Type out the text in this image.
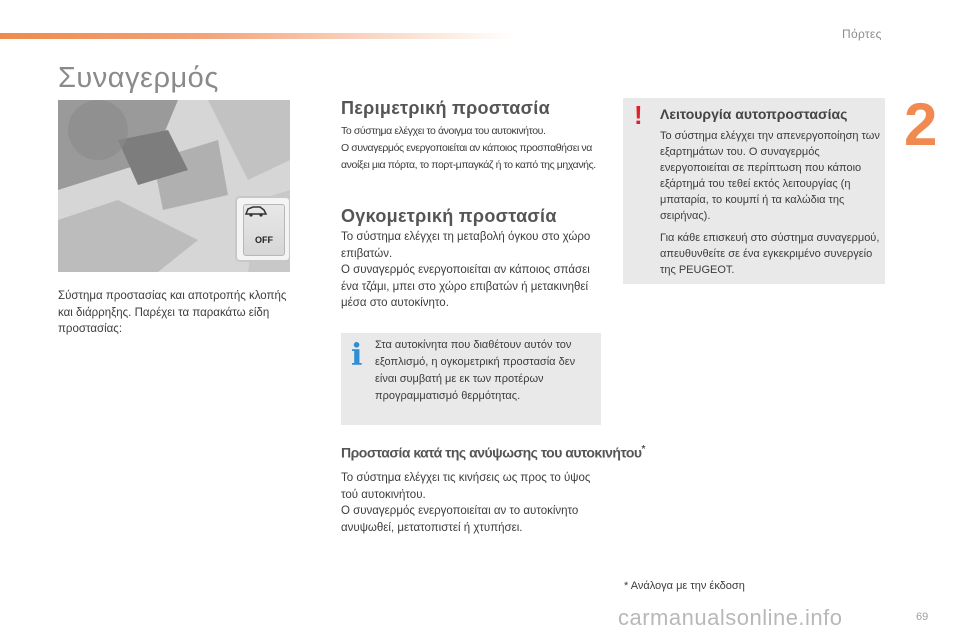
Πόρτες
2
Συναγερμός
OFF
Σύστημα προστασίας και αποτροπής κλοπής και διάρρηξης. Παρέχει τα παρακάτω είδη προστασίας:
Περιμετρική προστασία
Το σύστημα ελέγχει το άνοιγμα του αυτοκινήτου.
Ο συναγερμός ενεργοποιείται αν κάποιος προσπαθήσει να ανοίξει μια πόρτα, το πορτ-μπαγκάζ ή το καπό της μηχανής.
Ογκομετρική προστασία
Το σύστημα ελέγχει τη μεταβολή όγκου στο χώρο επιβατών.
Ο συναγερμός ενεργοποιείται αν κάποιος σπάσει ένα τζάμι, μπει στο χώρο επιβατών ή μετακινηθεί μέσα στο αυτοκίνητο.
i Στα αυτοκίνητα που διαθέτουν αυτόν τον εξοπλισμό, η ογκομετρική προστασία δεν είναι συμβατή με εκ των προτέρων προγραμματισμό θερμότητας.
Προστασία κατά της ανύψωσης του αυτοκινήτου*
Το σύστημα ελέγχει τις κινήσεις ως προς το ύψος τού αυτοκινήτου.
Ο συναγερμός ενεργοποιείται αν το αυτοκίνητο ανυψωθεί, μετατοπιστεί ή χτυπήσει.
! Λειτουργία αυτοπροστασίας
Το σύστημα ελέγχει την απενεργοποίηση των εξαρτημάτων του. Ο συναγερμός ενεργοποιείται σε περίπτωση που κάποιο εξάρτημά του τεθεί εκτός λειτουργίας (η μπαταρία, το κουμπί ή τα καλώδια της σειρήνας).
Για κάθε επισκευή στο σύστημα συναγερμού, απευθυνθείτε σε ένα εγκεκριμένο συνεργείο της PEUGEOT.
* Ανάλογα με την έκδοση
carmanualsonline.info	69
